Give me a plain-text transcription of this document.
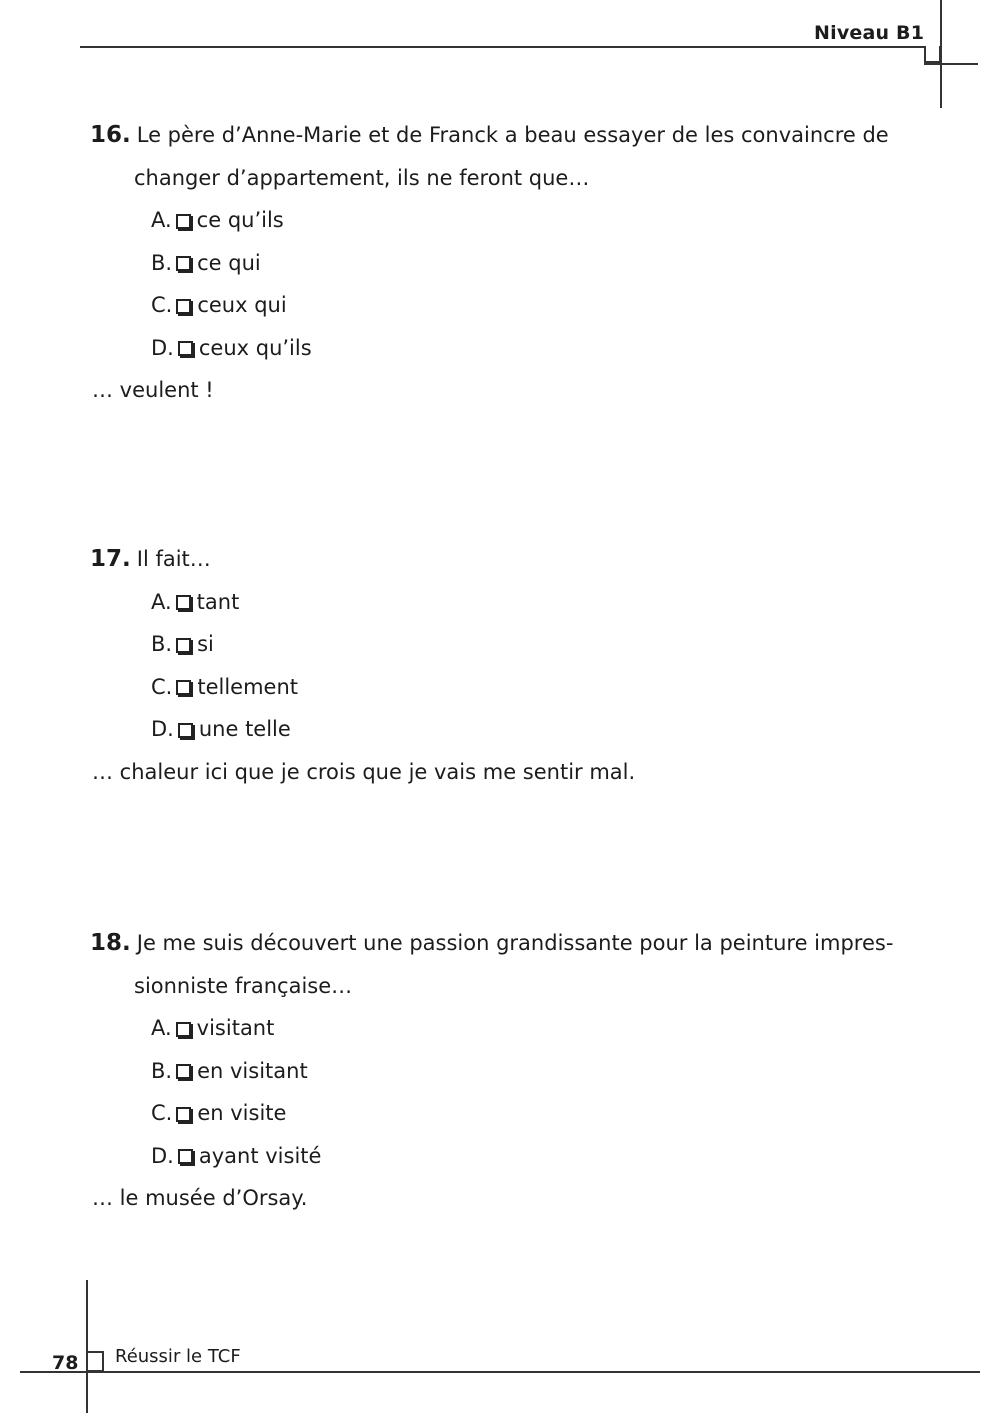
Niveau B1
16. Le père d’Anne-Marie et de Franck a beau essayer de les convaincre de
changer d’appartement, ils ne feront que…
A. ce qu’ils
B. ce qui
C. ceux qui
D. ceux qu’ils
… veulent !
17. Il fait…
A. tant
B. si
C. tellement
D. une telle
… chaleur ici que je crois que je vais me sentir mal.
18. Je me suis découvert une passion grandissante pour la peinture impres-
sionniste française…
A. visitant
B. en visitant
C. en visite
D. ayant visité
… le musée d’Orsay.
78 Réussir le TCF
